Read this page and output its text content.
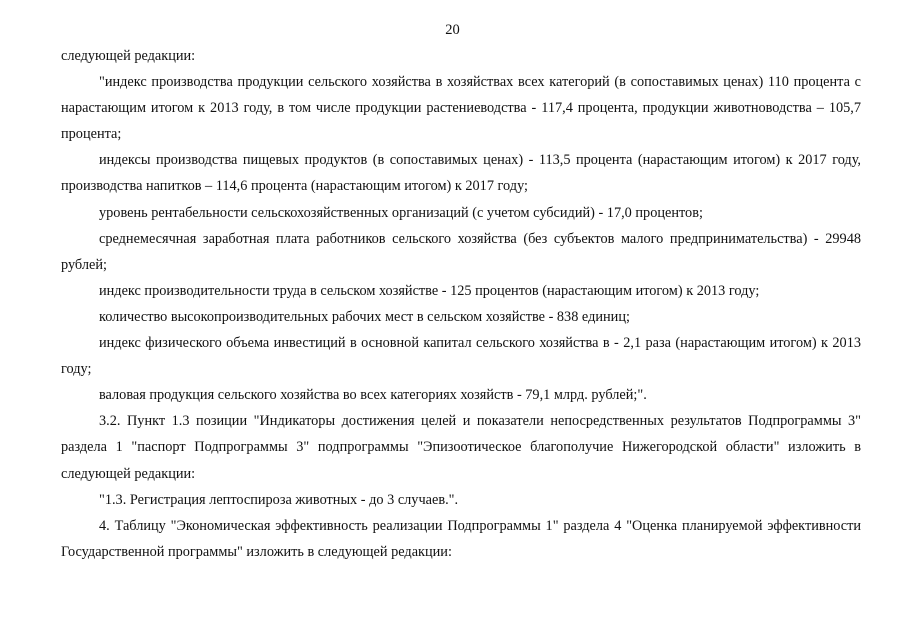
20

следующей редакции:

"индекс производства продукции сельского хозяйства в хозяйствах всех категорий (в сопоставимых ценах) 110 процента с нарастающим итогом к 2013 году, в том числе продукции растениеводства - 117,4 процента, продукции животноводства – 105,7 процента;

индексы производства пищевых продуктов (в сопоставимых ценах) - 113,5 процента (нарастающим итогом) к 2017 году, производства напитков – 114,6 процента (нарастающим итогом) к 2017 году;

уровень рентабельности сельскохозяйственных организаций (с учетом субсидий) - 17,0 процентов;

среднемесячная заработная плата работников сельского хозяйства (без субъектов малого предпринимательства) - 29948 рублей;

индекс производительности труда в сельском хозяйстве - 125 процентов (нарастающим итогом) к 2013 году;

количество высокопроизводительных рабочих мест в сельском хозяйстве - 838 единиц;

индекс физического объема инвестиций в основной капитал сельского хозяйства в - 2,1 раза (нарастающим итогом) к 2013 году;

валовая продукция сельского хозяйства во всех категориях хозяйств - 79,1 млрд. рублей;".

3.2. Пункт 1.3 позиции "Индикаторы достижения целей и показатели непосредственных результатов Подпрограммы 3" раздела 1 "паспорт Подпрограммы 3" подпрограммы "Эпизоотическое благополучие Нижегородской области" изложить в следующей редакции:

"1.3. Регистрация лептоспироза животных - до 3 случаев.".

4. Таблицу "Экономическая эффективность реализации Подпрограммы 1" раздела 4 "Оценка планируемой эффективности Государственной программы" изложить в следующей редакции:
